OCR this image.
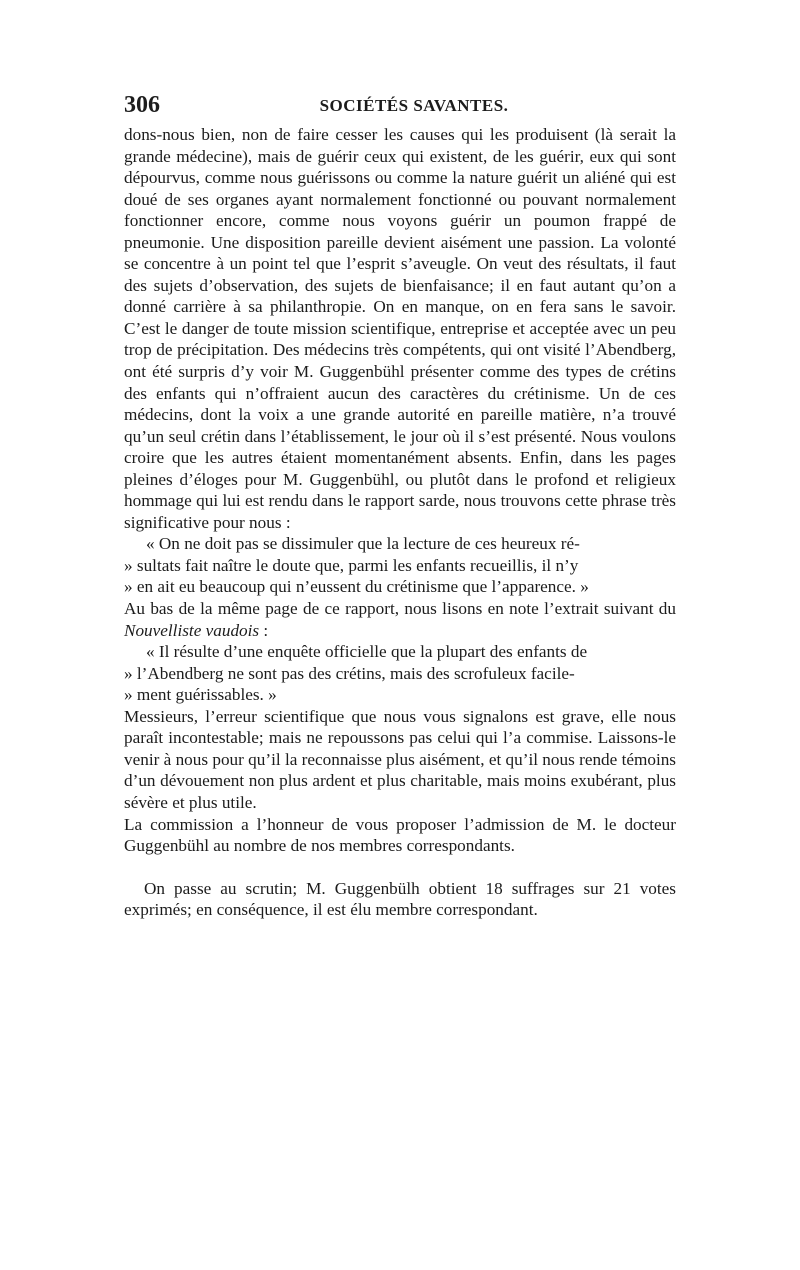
306	SOCIÉTÉS SAVANTES.

dons-nous bien, non de faire cesser les causes qui les produisent (là serait la grande médecine), mais de guérir ceux qui existent, de les guérir, eux qui sont dépourvus, comme nous guérissons ou comme la nature guérit un aliéné qui est doué de ses organes ayant normalement fonctionné ou pouvant normalement fonctionner encore, comme nous voyons guérir un poumon frappé de pneumonie. Une disposition pareille devient aisément une passion. La volonté se concentre à un point tel que l’esprit s’aveugle. On veut des résultats, il faut des sujets d’observation, des sujets de bienfaisance; il en faut autant qu’on a donné carrière à sa philanthropie. On en manque, on en fera sans le savoir. C’est le danger de toute mission scientifique, entreprise et acceptée avec un peu trop de précipitation. Des médecins très compétents, qui ont visité l’Abendberg, ont été surpris d’y voir M. Guggenbühl présenter comme des types de crétins des enfants qui n’offraient aucun des caractères du crétinisme. Un de ces médecins, dont la voix a une grande autorité en pareille matière, n’a trouvé qu’un seul crétin dans l’établissement, le jour où il s’est présenté. Nous voulons croire que les autres étaient momentanément absents. Enfin, dans les pages pleines d’éloges pour M. Guggenbühl, ou plutôt dans le profond et religieux hommage qui lui est rendu dans le rapport sarde, nous trouvons cette phrase très significative pour nous :

« On ne doit pas se dissimuler que la lecture de ces heureux ré-

» sultats fait naître le doute que, parmi les enfants recueillis, il n’y

» en ait eu beaucoup qui n’eussent du crétinisme que l’apparence. »

Au bas de la même page de ce rapport, nous lisons en note l’extrait suivant du Nouvelliste vaudois :

« Il résulte d’une enquête officielle que la plupart des enfants de

» l’Abendberg ne sont pas des crétins, mais des scrofuleux facile-

» ment guérissables. »

Messieurs, l’erreur scientifique que nous vous signalons est grave, elle nous paraît incontestable; mais ne repoussons pas celui qui l’a commise. Laissons-le venir à nous pour qu’il la reconnaisse plus aisément, et qu’il nous rende témoins d’un dévouement non plus ardent et plus charitable, mais moins exubérant, plus sévère et plus utile.

La commission a l’honneur de vous proposer l’admission de M. le docteur Guggenbühl au nombre de nos membres correspondants.

On passe au scrutin; M. Guggenbülh obtient 18 suffrages sur 21 votes exprimés; en conséquence, il est élu membre correspondant.
